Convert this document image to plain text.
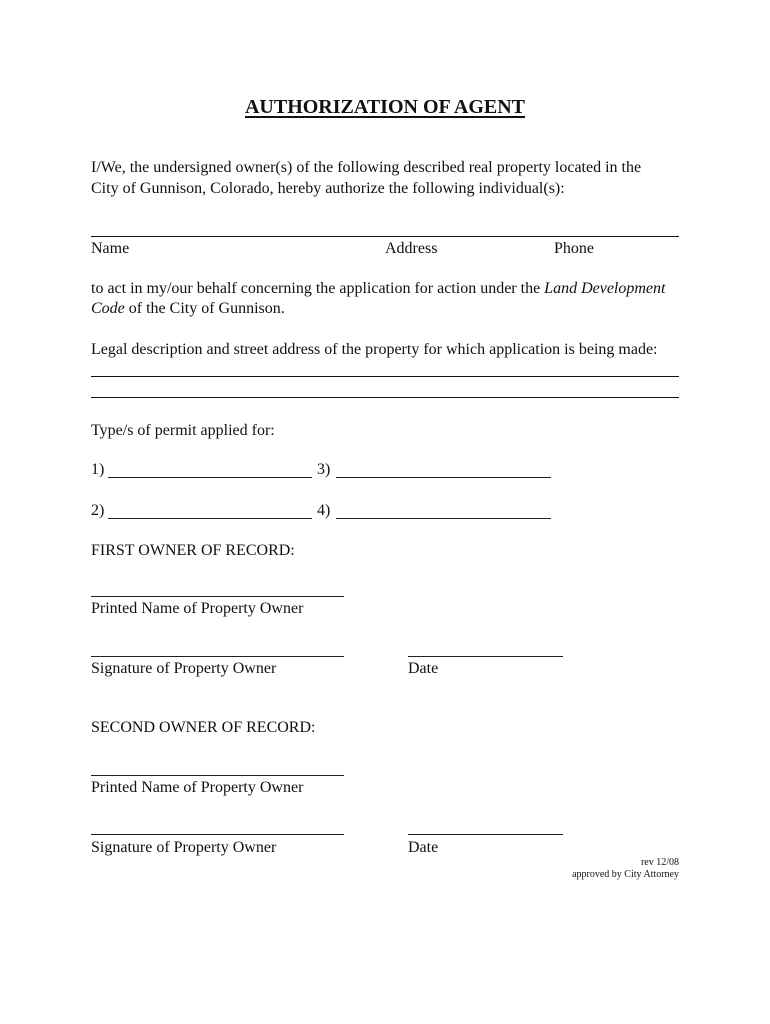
AUTHORIZATION OF AGENT
I/We, the undersigned owner(s) of the following described real property located in the
City of Gunnison, Colorado, hereby authorize the following individual(s):
Name	Address	Phone
to act in my/our behalf concerning the application for action under the Land Development
Code of the City of Gunnison.
Legal description and street address of the property for which application is being made:
Type/s of permit applied for:
1)	3)
2)	4)
FIRST OWNER OF RECORD:
Printed Name of Property Owner
Signature of Property Owner	Date
SECOND OWNER OF RECORD:
Printed Name of Property Owner
Signature of Property Owner	Date
rev 12/08
approved by City Attorney
